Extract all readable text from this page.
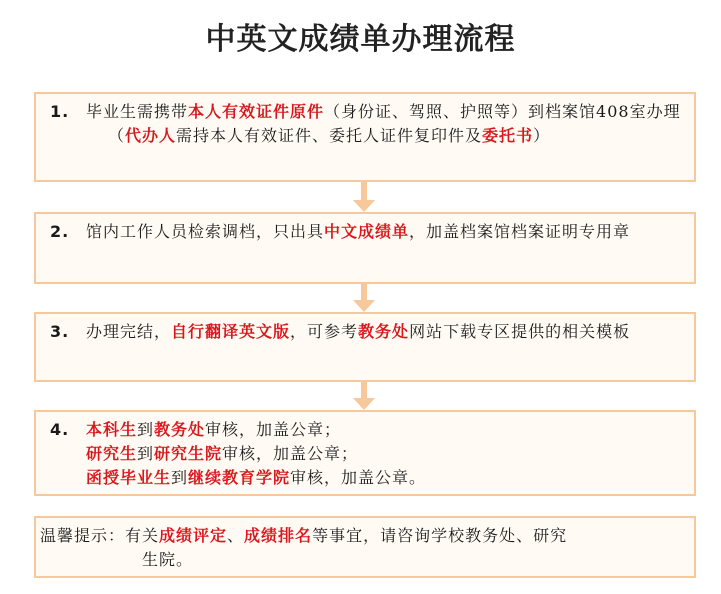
中英文成绩单办理流程
1. 毕业生需携带本人有效证件原件（身份证、驾照、护照等）到档案馆408室办理
（代办人需持本人有效证件、委托人证件复印件及委托书）
2. 馆内工作人员检索调档，只出具中文成绩单，加盖档案馆档案证明专用章
3. 办理完结，自行翻译英文版，可参考教务处网站下载专区提供的相关模板
4. 本科生到教务处审核，加盖公章；
研究生到研究生院审核，加盖公章；
函授毕业生到继续教育学院审核，加盖公章。
温馨提示：有关成绩评定、成绩排名等事宜，请咨询学校教务处、研究
生院。
